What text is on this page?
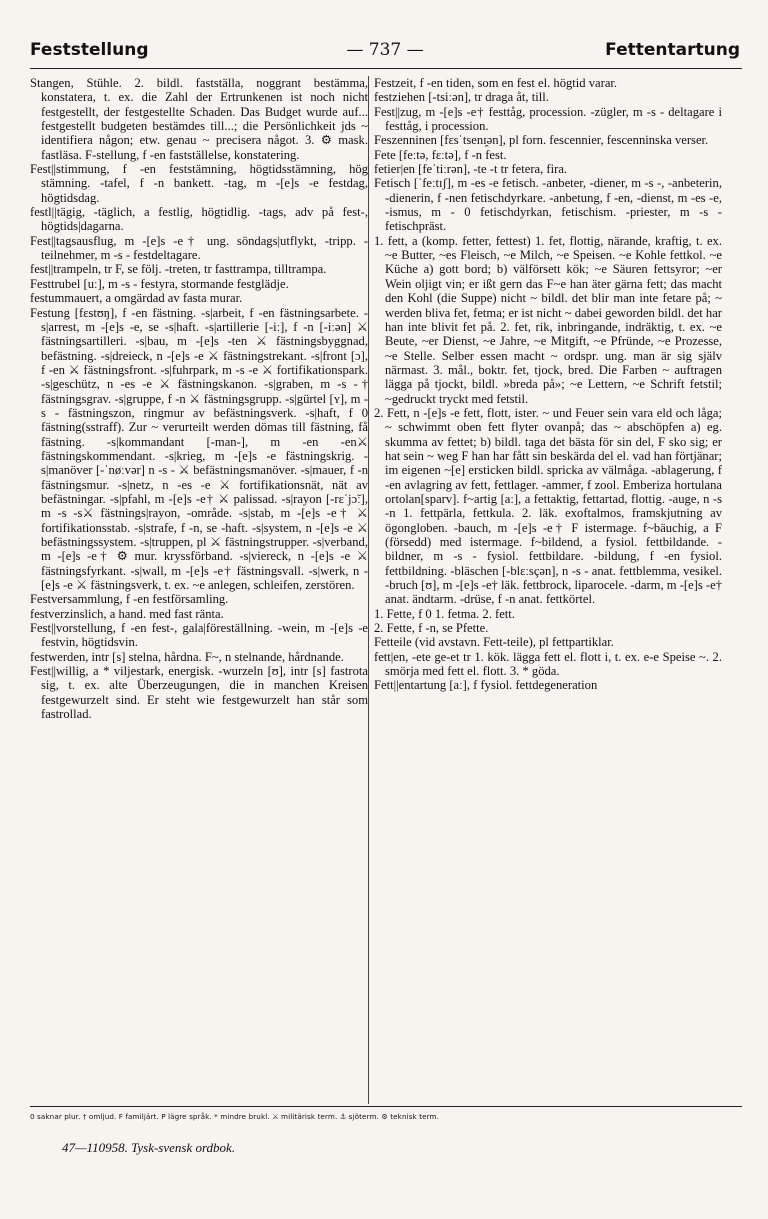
Feststellung	— 737 —	Fettentartung
Stangen, Stühle. 2. bildl. fastställa, noggrant bestämma, konstatera, t. ex. die Zahl der Ertrunkenen ist noch nicht festgestellt, der festgestellte Schaden. Das Budget wurde auf... festgestellt budgeten bestämdes till...; die Persönlichkeit jds ~ identifiera någon; etw. genau ~ precisera något. 3. ⚙ mask. fastläsa. F-stellung, f -en fastställelse, konstatering.
Fest||stimmung, f -en feststämning, högtidsstämning, hög stämning. -tafel, f -n bankett. -tag, m -[e]s -e festdag, högtidsdag.
festl||tägig, -täglich, a festlig, högtidlig. -tags, adv på fest-, högtids|dagarna.
Fest||tagsausflug, m -[e]s -e† ung. söndags|utflykt, -tripp. -teilnehmer, m -s - festdeltagare.
fest||trampeln, tr F, se följ. -treten, tr fasttrampa, tilltrampa.
Festtrubel [uː], m -s - festyra, stormande festglädje.
festummauert, a omgärdad av fasta murar.
Festung [fɛstʊŋ], f -en fästning. -s|arbeit, f -en fästningsarbete. -s|arrest, m -[e]s -e, se -s|haft. -s|artillerie [-iː], f -n [-iːən] ⚔ fästningsartilleri. -s|bau, m -[e]s -ten ⚔ fästningsbyggnad, befästning. -s|dreieck, n -[e]s -e ⚔ fästningstrekant. -s|front [ɔ], f -en ⚔ fästningsfront. -s|fuhrpark, m -s -e ⚔ fortifikationspark. -s|geschütz, n -es -e ⚔ fästningskanon. -s|graben, m -s -† fästningsgrav. -s|gruppe, f -n ⚔ fästningsgrupp. -s|gürtel [ʏ], m -s - fästningszon, ringmur av befästningsverk. -s|haft, f 0 fästning(sstraff). Zur ~ verurteilt werden dömas till fästning, få fästning. -s|kommandant [-man-], m -en -en⚔ fästningskommendant. -s|krieg, m -[e]s -e fästningskrig. -s|manöver [-ˈnøːvər] n -s - ⚔ befästningsmanöver. -s|mauer, f -n fästningsmur. -s|netz, n -es -e ⚔ fortifikationsnät, nät av befästningar. -s|pfahl, m -[e]s -e† ⚔ palissad. -s|rayon [-rɛˈjɔ̃ː], m -s -s⚔ fästnings|rayon, -område. -s|stab, m -[e]s -e† ⚔ fortifikationsstab. -s|strafe, f -n, se -haft. -s|system, n -[e]s -e ⚔ befästningssystem. -s|truppen, pl ⚔ fästningstrupper. -s|verband, m -[e]s -e† ⚙ mur. kryssförband. -s|viereck, n -[e]s -e ⚔ fästningsfyrkant. -s|wall, m -[e]s -e† fästningsvall. -s|werk, n -[e]s -e ⚔ fästningsverk, t. ex. ~e anlegen, schleifen, zerstören.
Festversammlung, f -en festförsamling.
festverzinslich, a hand. med fast ränta.
Fest||vorstellung, f -en fest-, gala|föreställning. -wein, m -[e]s -e festvin, högtidsvin.
festwerden, intr [s] stelna, hårdna. F~, n stelnande, hårdnande.
Fest||willig, a * viljestark, energisk. -wurzeln [ʊ], intr [s] fastrota sig, t. ex. alte Überzeugungen, die in manchen Kreisen festgewurzelt sind. Er steht wie festgewurzelt han står som fastrollad.
Festzeit, f -en tiden, som en fest el. högtid varar.
festziehen [-tsiːən], tr draga åt, till.
Fest||zug, m -[e]s -e† festtåg, procession. -zügler, m -s - deltagare i festtåg, i procession.
Feszenninen [fɛsˈtsenɪ̯ən], pl forn. fescennier, fescenninska verser.
Fete [feːtə, fɛːtə], f -n fest.
fetier|en [feˈtiːrən], -te -t tr fetera, fira.
Fetisch [ˈfeːtɪʃ], m -es -e fetisch. -anbeter, -diener, m -s -, -anbeterin, -dienerin, f -nen fetischdyrkare. -anbetung, f -en, -dienst, m -es -e, -ismus, m - 0 fetischdyrkan, fetischism. -priester, m -s - fetischpräst.
1. fett, a (komp. fetter, fettest) 1. fet, flottig, närande, kraftig, t. ex. ~e Butter, ~es Fleisch, ~e Milch, ~e Speisen. ~e Kohle fettkol. ~e Küche a) gott bord; b) välförsett kök; ~e Säuren fettsyror; ~er Wein oljigt vin; er ißt gern das F~e han äter gärna fett; das macht den Kohl (die Suppe) nicht ~ bildl. det blir man inte fetare på; ~ werden bliva fet, fetma; er ist nicht ~ dabei geworden bildl. det har han inte blivit fet på. 2. fet, rik, inbringande, indräktig, t. ex. ~e Beute, ~er Dienst, ~e Jahre, ~e Mitgift, ~e Pfründe, ~e Prozesse, ~e Stelle. Selber essen macht ~ ordspr. ung. man är sig själv närmast. 3. mål., boktr. fet, tjock, bred. Die Farben ~ auftragen lägga på tjockt, bildl. »breda på»; ~e Lettern, ~e Schrift fetstil; ~gedruckt tryckt med fetstil.
2. Fett, n -[e]s -e fett, flott, ister. ~ und Feuer sein vara eld och låga; ~ schwimmt oben fett flyter ovanpå; das ~ abschöpfen a) eg. skumma av fettet; b) bildl. taga det bästa för sin del, F sko sig; er hat sein ~ weg F han har fått sin beskärda del el. vad han förtjänar; im eigenen ~[e] ersticken bildl. spricka av välmåga. -ablagerung, f -en avlagring av fett, fettlager. -ammer, f zool. Emberiza hortulana ortolan[sparv]. f~artig [aː], a fettaktig, fettartad, flottig. -auge, n -s -n 1. fettpärla, fettkula. 2. läk. exoftalmos, framskjutning av ögongloben. -bauch, m -[e]s -e† F istermage. f~bäuchig, a F (försedd) med istermage. f~bildend, a fysiol. fettbildande. -bildner, m -s - fysiol. fettbildare. -bildung, f -en fysiol. fettbildning. -bläschen [-blɛːsçən], n -s - anat. fettblemma, vesikel. -bruch [ʊ], m -[e]s -e† läk. fettbrock, liparocele. -darm, m -[e]s -e† anat. ändtarm. -drüse, f -n anat. fettkörtel.
1. Fette, f 0 1. fetma. 2. fett.
2. Fette, f -n, se Pfette.
Fetteile (vid avstavn. Fett-teile), pl fettpartiklar.
fett|en, -ete ge-et tr 1. kök. lägga fett el. flott i, t. ex. e-e Speise ~. 2. smörja med fett el. flott. 3. * göda.
Fett||entartung [aː], f fysiol. fettdegeneration
0 saknar plur. † omljud. F familjärt. P lägre språk. * mindre brukl. ⚔ militärisk term. ⚓ sjöterm. ⚙ teknisk term.
47—110958. Tysk-svensk ordbok.
